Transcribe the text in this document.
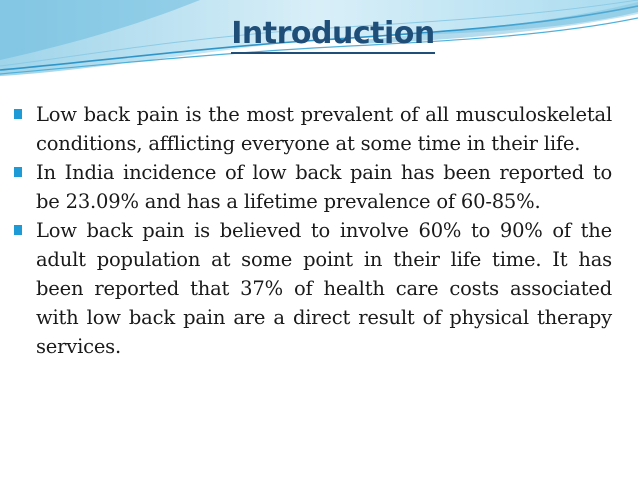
Introduction
Low back pain is the most prevalent of all musculoskeletal conditions, afflicting everyone at some time in their life.
In India incidence of low back pain has been reported to be 23.09% and has a lifetime prevalence of 60-85%.
Low back pain is believed to involve 60% to 90% of the adult population at some point in their life time. It has been reported that 37% of health care costs associated with low back pain are a direct result of physical therapy services.
